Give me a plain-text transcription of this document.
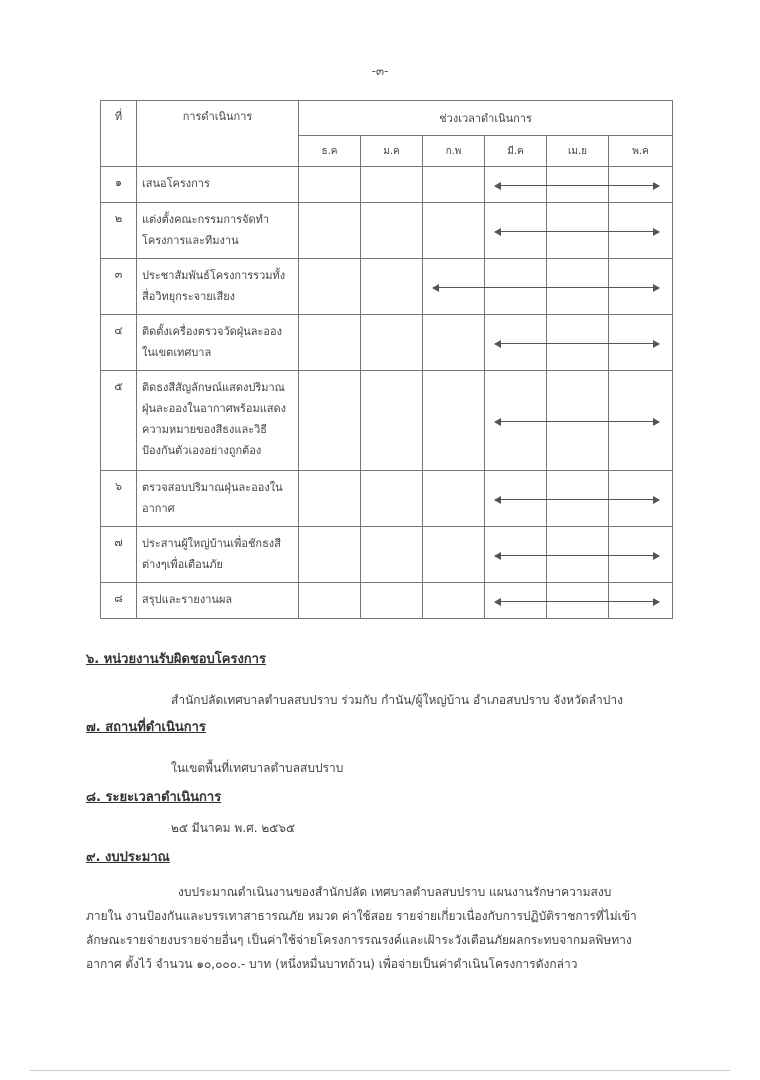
-๓-
ที่	การดำเนินการ	ช่วงเวลาดำเนินการ					
		ธ.ค	ม.ค	ก.พ	มี.ค	เม.ย	พ.ค
๑	เสนอโครงการ						

๒	แต่งตั้งคณะกรรมการจัดทำ
โครงการและทีมงาน						

๓	ประชาสัมพันธ์โครงการรวมทั้ง
สื่อวิทยุกระจายเสียง						

๔	ติดตั้งเครื่องตรวจวัดฝุ่นละออง
ในเขตเทศบาล						

๕	ติดธงสีสัญลักษณ์แสดงปริมาณ
ฝุ่นละอองในอากาศพร้อมแสดง
ความหมายของสีธงและวิธี
ป้องกันตัวเองอย่างถูกต้อง						

๖	ตรวจสอบปริมาณฝุ่นละอองใน
อากาศ						

๗	ประสานผู้ใหญ่บ้านเพื่อชักธงสี
ต่างๆเพื่อเตือนภัย						

๘	สรุปและรายงานผล						

๖. หน่วยงานรับผิดชอบโครงการ
สำนักปลัดเทศบาลตำบลสบปราบ ร่วมกับ กำนัน/ผู้ใหญ่บ้าน อำเภอสบปราบ จังหวัดลำปาง
๗. สถานที่ดำเนินการ
ในเขตพื้นที่เทศบาลตำบลสบปราบ
๘. ระยะเวลาดำเนินการ
๒๕ มีนาคม พ.ศ. ๒๕๖๕
๙. งบประมาณ
งบประมาณดำเนินงานของสำนักปลัด เทศบาลตำบลสบปราบ แผนงานรักษาความสงบ
ภายใน งานป้องกันและบรรเทาสาธารณภัย หมวด ค่าใช้สอย รายจ่ายเกี่ยวเนื่องกับการปฏิบัติราชการที่ไม่เข้า
ลักษณะรายจ่ายงบรายจ่ายอื่นๆ เป็นค่าใช้จ่ายโครงการรณรงค์และเฝ้าระวังเตือนภัยผลกระทบจากมลพิษทาง
อากาศ ตั้งไว้ จำนวน ๑๐,๐๐๐.- บาท (หนึ่งหมื่นบาทถ้วน) เพื่อจ่ายเป็นค่าดำเนินโครงการดังกล่าว
